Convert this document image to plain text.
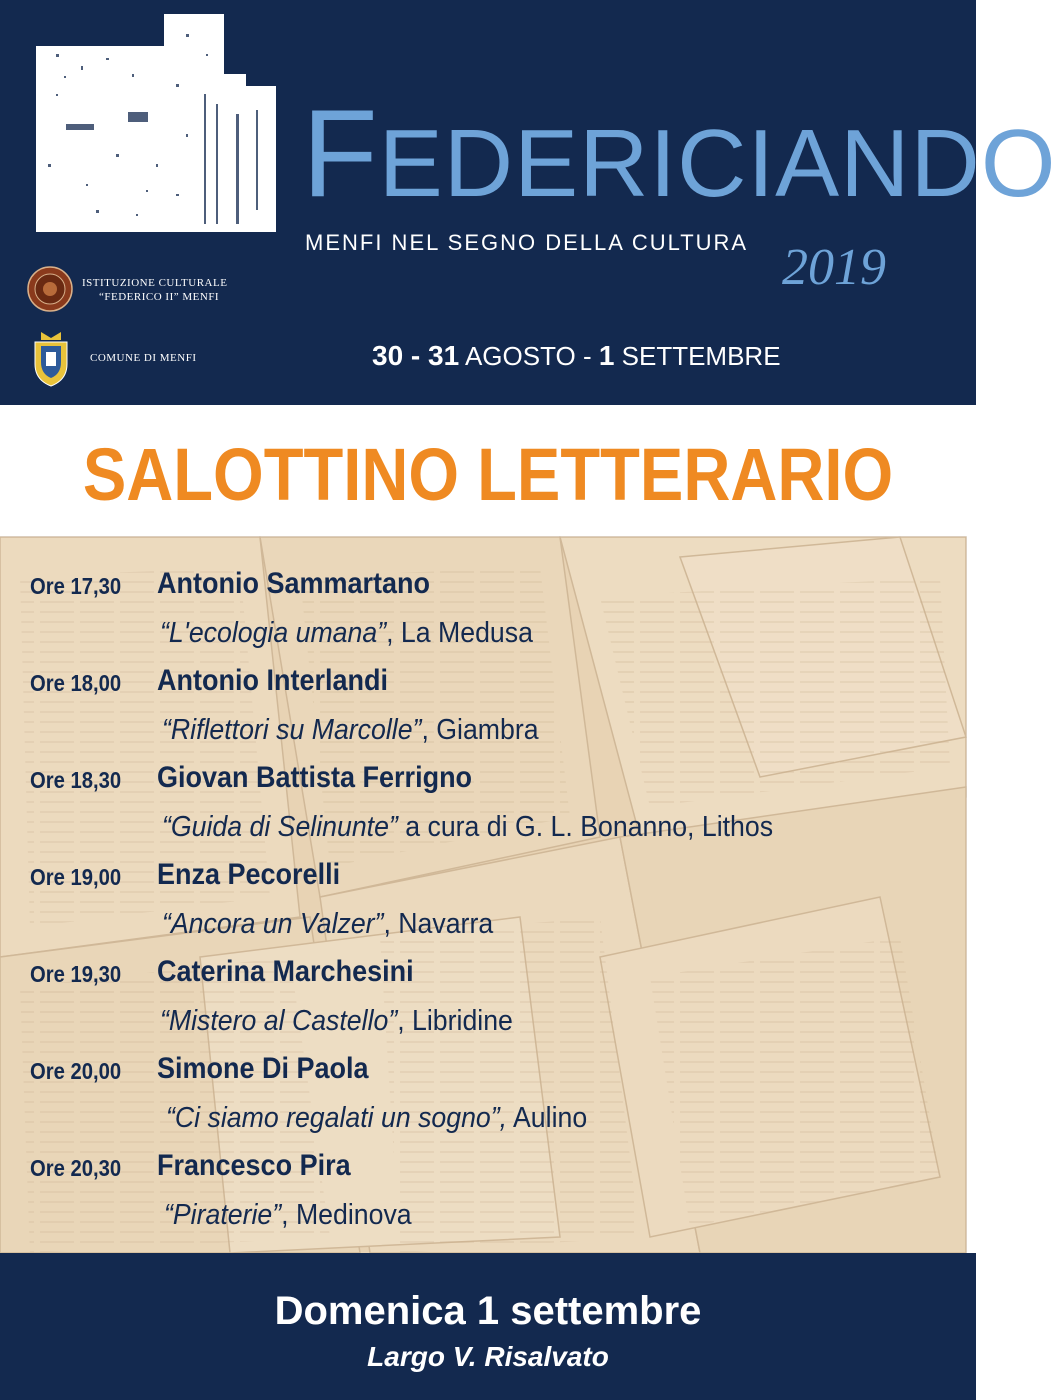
FEDERICIANDO
MENFI NEL SEGNO DELLA CULTURA 2019
ISTITUZIONE CULTURALE
“FEDERICO II” MENFI
COMUNE DI MENFI	30 - 31 AGOSTO - 1 SETTEMBRE
SALOTTINO LETTERARIO
Ore 17,30 Antonio Sammartano
“L'ecologia umana”, La Medusa
Ore 18,00 Antonio Interlandi
“Riflettori su Marcolle”, Giambra
Ore 18,30 Giovan Battista Ferrigno
“Guida di Selinunte” a cura di G. L. Bonanno, Lithos
Ore 19,00 Enza Pecorelli
“Ancora un Valzer”, Navarra
Ore 19,30 Caterina Marchesini
“Mistero al Castello”, Libridine
Ore 20,00 Simone Di Paola
“Ci siamo regalati un sogno”, Aulino
Ore 20,30 Francesco Pira
“Piraterie”, Medinova
Domenica 1 settembre
Largo V. Risalvato
